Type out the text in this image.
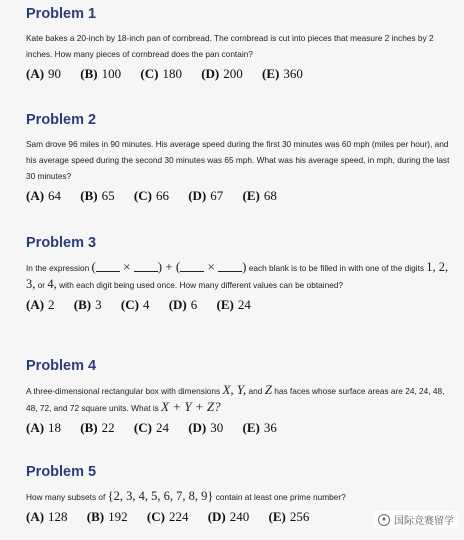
Problem 1

Kate bakes a 20-inch by 18-inch pan of cornbread. The cornbread is cut into pieces that measure 2 inches by 2 inches. How many pieces of cornbread does the pan contain?

(A) 90 (B) 100 (C) 180 (D) 200 (E) 360
Problem 2

Sam drove 96 miles in 90 minutes. His average speed during the first 30 minutes was 60 mph (miles per hour), and his average speed during the second 30 minutes was 65 mph. What was his average speed, in mph, during the last 30 minutes?

(A) 64 (B) 65 (C) 66 (D) 67 (E) 68
Problem 3

In the expression ( × ) + ( × ) each blank is to be filled in with one of the digits 1, 2, 3, or 4, with each digit being used once. How many different values can be obtained?

(A) 2 (B) 3 (C) 4 (D) 6 (E) 24
Problem 4

A three-dimensional rectangular box with dimensions X, Y, and Z has faces whose surface areas are 24, 24, 48, 48, 72, and 72 square units. What is X + Y + Z?

(A) 18 (B) 22 (C) 24 (D) 30 (E) 36
Problem 5

How many subsets of {2, 3, 4, 5, 6, 7, 8, 9} contain at least one prime number?

(A) 128 (B) 192 (C) 224 (D) 240 (E) 256	● 国际竞赛留学
